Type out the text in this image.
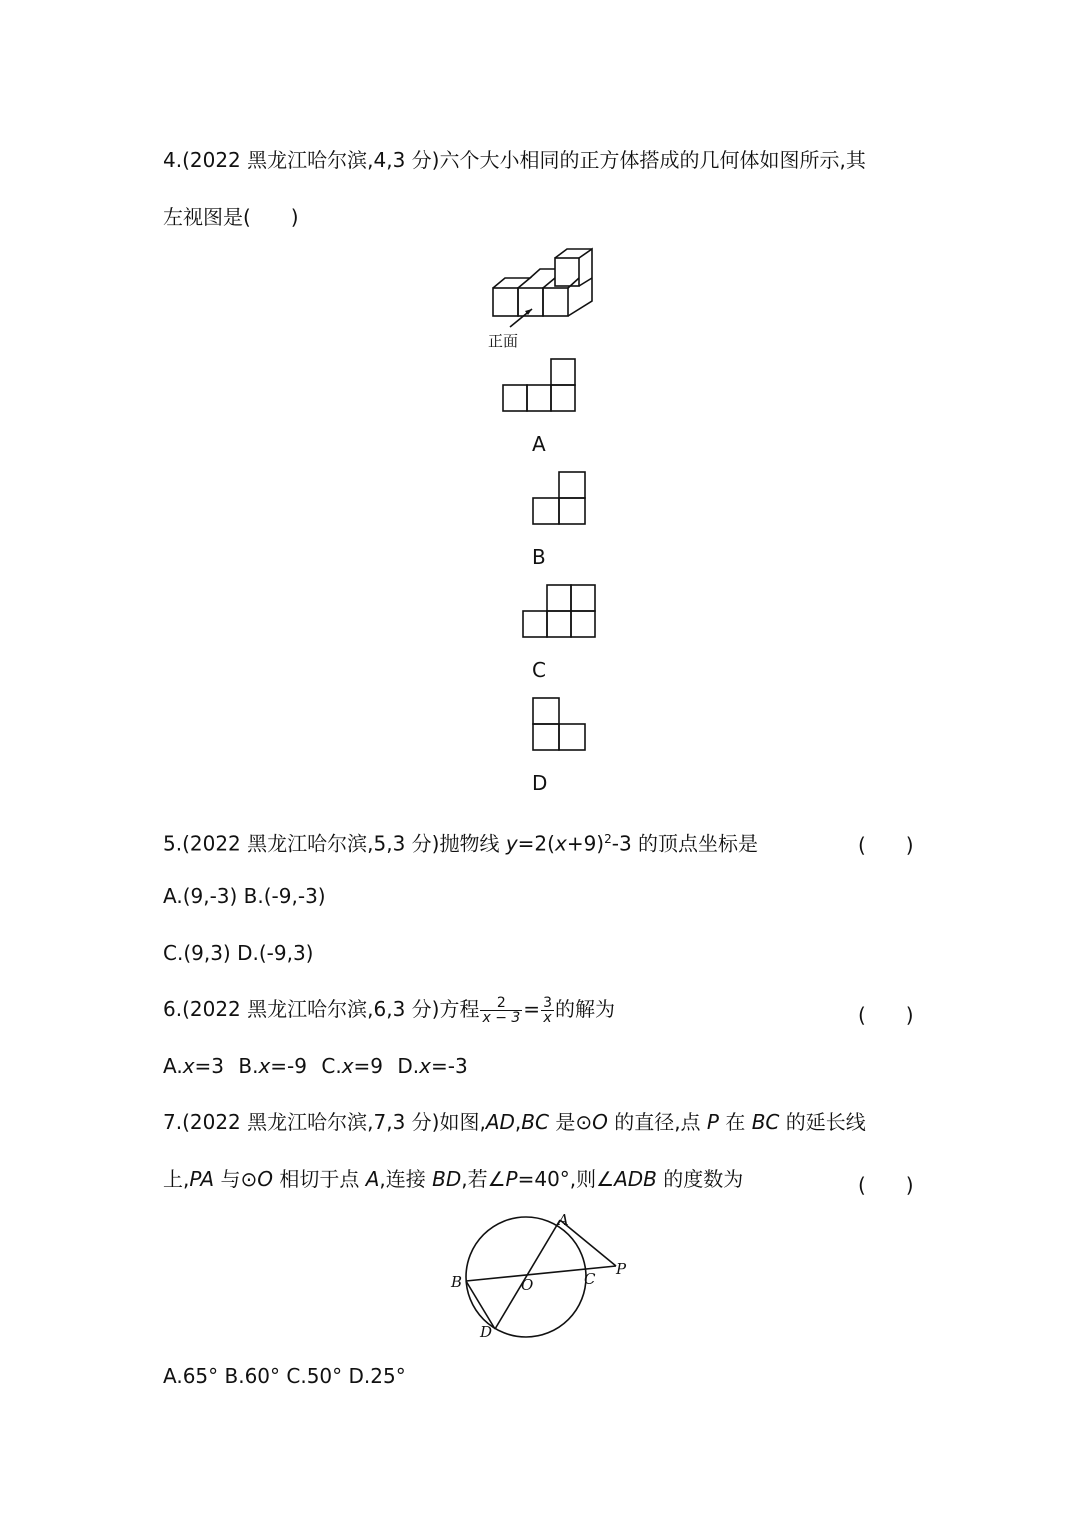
4.(2022 黑龙江哈尔滨,4,3 分)六个大小相同的正方体搭成的几何体如图所示,其
左视图是(　　)
正面
A
B
C
D
5.(2022 黑龙江哈尔滨,5,3 分)抛物线 $y=2(x+9)^2-3$ 的顶点坐标是	(　　)
A.(9,-3) B.(-9,-3)
C.(9,3) D.(-9,3)
6.(2022 黑龙江哈尔滨,6,3 分)方程 $\frac{2}{x - 3} = \frac{3}{x}$ 的解为	(　　)
A.x=3 B.x=-9 C.x=9 D.x=-3
7.(2022 黑龙江哈尔滨,7,3 分)如图,AD,BC 是⊙O 的直径,点 P 在 BC 的延长线
上,PA 与⊙O 相切于点 A,连接 BD,若∠P=40°,则∠ADB 的度数为	(　　)
A
B	O	C
P
D
A.65° B.60° C.50° D.25°
